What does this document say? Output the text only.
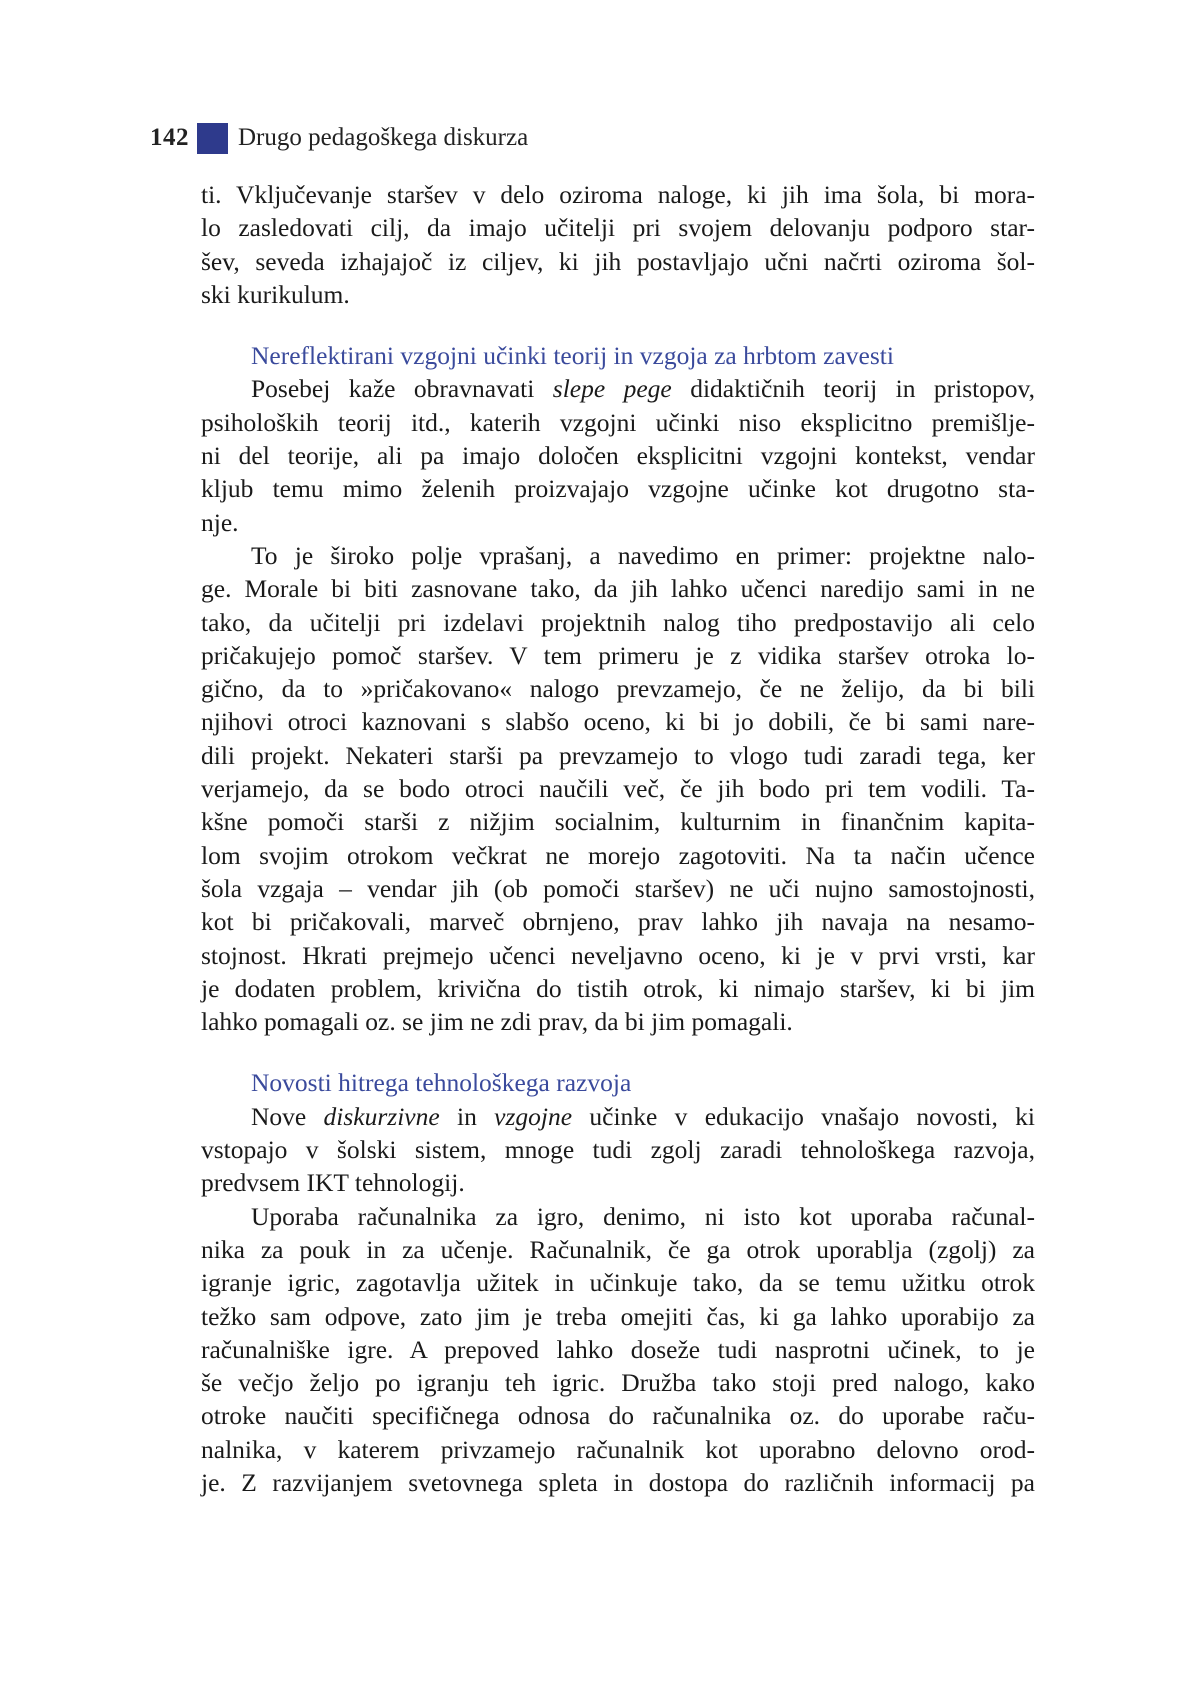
142 Drugo pedagoškega diskurza
ti. Vključevanje staršev v delo oziroma naloge, ki jih ima šola, bi mora-
lo zasledovati cilj, da imajo učitelji pri svojem delovanju podporo star-
šev, seveda izhajajoč iz ciljev, ki jih postavljajo učni načrti oziroma šol-
ski kurikulum.
Nereflektirani vzgojni učinki teorij in vzgoja za hrbtom zavesti
Posebej kaže obravnavati slepe pege didaktičnih teorij in pristopov,
psiholoških teorij itd., katerih vzgojni učinki niso eksplicitno premišlje-
ni del teorije, ali pa imajo določen eksplicitni vzgojni kontekst, vendar
kljub temu mimo želenih proizvajajo vzgojne učinke kot drugotno sta-
nje.
To je široko polje vprašanj, a navedimo en primer: projektne nalo-
ge. Morale bi biti zasnovane tako, da jih lahko učenci naredijo sami in ne
tako, da učitelji pri izdelavi projektnih nalog tiho predpostavijo ali celo
pričakujejo pomoč staršev. V tem primeru je z vidika staršev otroka lo-
gično, da to »pričakovano« nalogo prevzamejo, če ne želijo, da bi bili
njihovi otroci kaznovani s slabšo oceno, ki bi jo dobili, če bi sami nare-
dili projekt. Nekateri starši pa prevzamejo to vlogo tudi zaradi tega, ker
verjamejo, da se bodo otroci naučili več, če jih bodo pri tem vodili. Ta-
kšne pomoči starši z nižjim socialnim, kulturnim in finančnim kapita-
lom svojim otrokom večkrat ne morejo zagotoviti. Na ta način učence
šola vzgaja – vendar jih (ob pomoči staršev) ne uči nujno samostojnosti,
kot bi pričakovali, marveč obrnjeno, prav lahko jih navaja na nesamo-
stojnost. Hkrati prejmejo učenci neveljavno oceno, ki je v prvi vrsti, kar
je dodaten problem, krivična do tistih otrok, ki nimajo staršev, ki bi jim
lahko pomagali oz. se jim ne zdi prav, da bi jim pomagali.
Novosti hitrega tehnološkega razvoja
Nove diskurzivne in vzgojne učinke v edukacijo vnašajo novosti, ki
vstopajo v šolski sistem, mnoge tudi zgolj zaradi tehnološkega razvoja,
predvsem IKT tehnologij.
Uporaba računalnika za igro, denimo, ni isto kot uporaba računal-
nika za pouk in za učenje. Računalnik, če ga otrok uporablja (zgolj) za
igranje igric, zagotavlja užitek in učinkuje tako, da se temu užitku otrok
težko sam odpove, zato jim je treba omejiti čas, ki ga lahko uporabijo za
računalniške igre. A prepoved lahko doseže tudi nasprotni učinek, to je
še večjo željo po igranju teh igric. Družba tako stoji pred nalogo, kako
otroke naučiti specifičnega odnosa do računalnika oz. do uporabe raču-
nalnika, v katerem privzamejo računalnik kot uporabno delovno orod-
je. Z razvijanjem svetovnega spleta in dostopa do različnih informacij pa
